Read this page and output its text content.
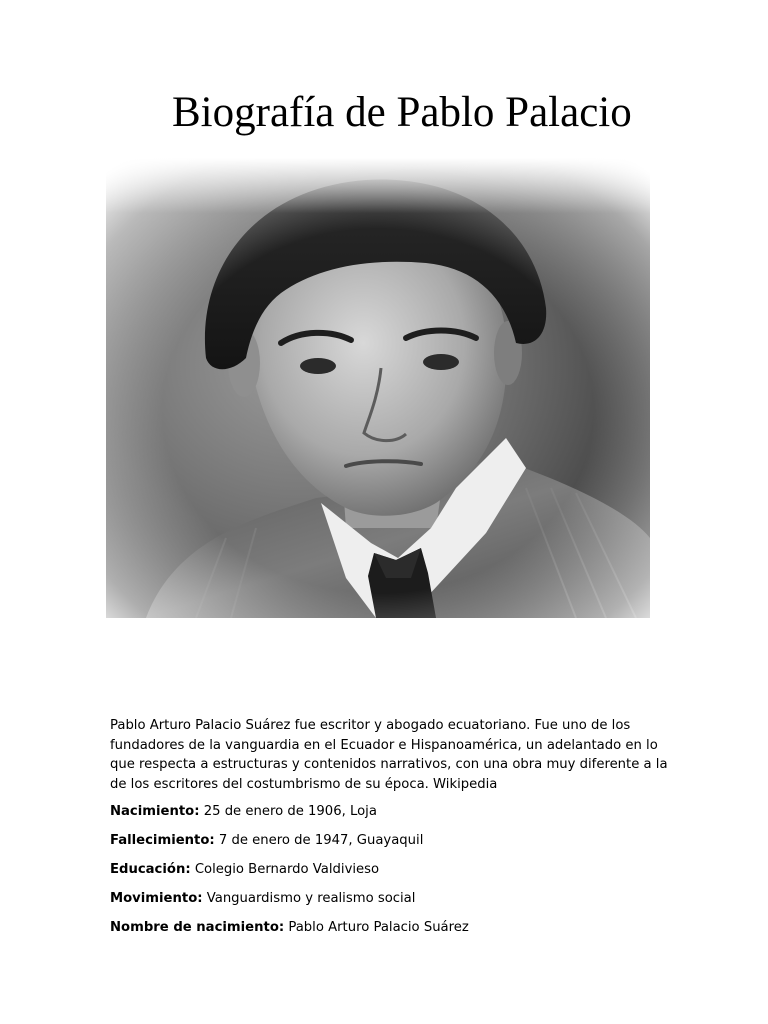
Biografía de Pablo Palacio

Pablo Arturo Palacio Suárez fue escritor y abogado ecuatoriano. Fue uno de los fundadores de la vanguardia en el Ecuador e Hispanoamérica, un adelantado en lo que respecta a estructuras y contenidos narrativos, con una obra muy diferente a la de los escritores del costumbrismo de su época. Wikipedia

Nacimiento: 25 de enero de 1906, Loja

Fallecimiento: 7 de enero de 1947, Guayaquil

Educación: Colegio Bernardo Valdivieso

Movimiento: Vanguardismo y realismo social

Nombre de nacimiento: Pablo Arturo Palacio Suárez
